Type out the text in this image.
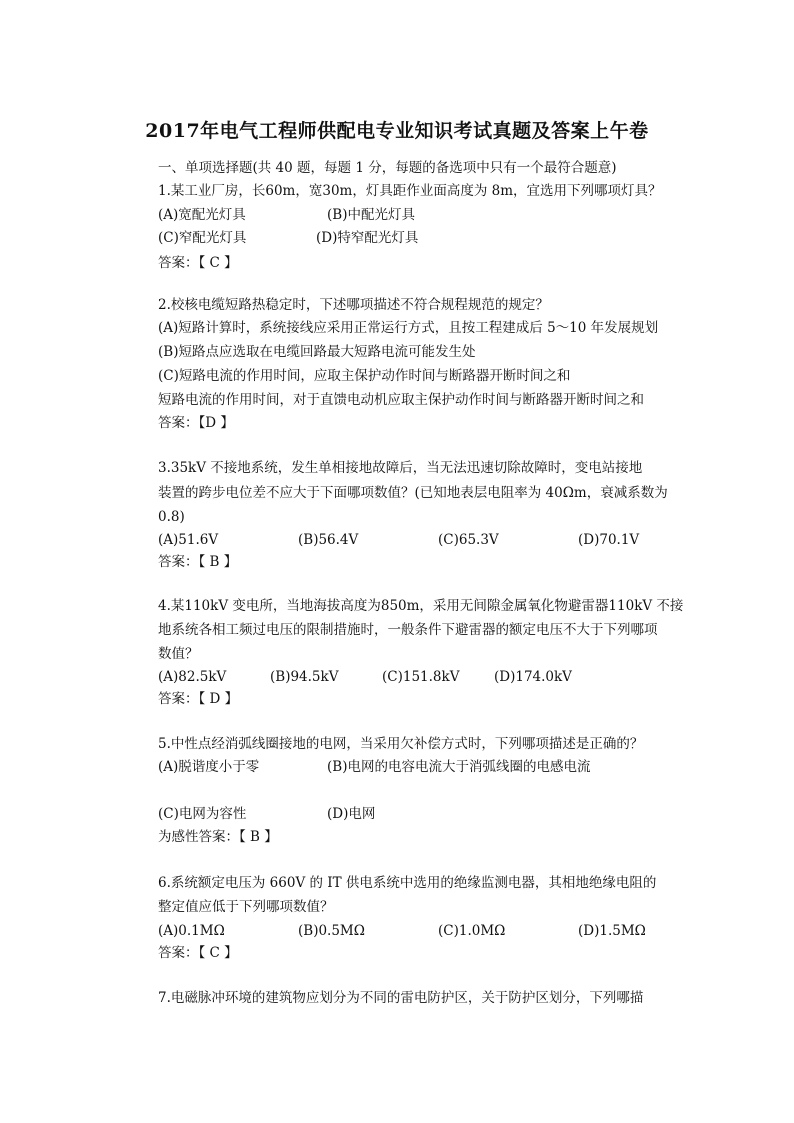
2017年电气工程师供配电专业知识考试真题及答案上午卷
一、单项选择题(共 40 题，每题 1 分，每题的备选项中只有一个最符合题意)
1.某工业厂房，长60m，宽30m，灯具距作业面高度为 8m，宜选用下列哪项灯具？
(A)宽配光灯具	(B)中配光灯具
(C)窄配光灯具	(D)特窄配光灯具
答案：【 C 】
2.校核电缆短路热稳定时，下述哪项描述不符合规程规范的规定？
(A)短路计算时，系统接线应采用正常运行方式，且按工程建成后 5～10 年发展规划
(B)短路点应选取在电缆回路最大短路电流可能发生处
(C)短路电流的作用时间，应取主保护动作时间与断路器开断时间之和
短路电流的作用时间，对于直馈电动机应取主保护动作时间与断路器开断时间之和
答案：【D 】
3.35kV 不接地系统，发生单相接地故障后，当无法迅速切除故障时，变电站接地
装置的跨步电位差不应大于下面哪项数值？(已知地表层电阻率为 40Ωm，衰减系数为
0.8)
(A)51.6V	(B)56.4V	(C)65.3V	(D)70.1V
答案：【 B 】
4.某110kV 变电所，当地海拔高度为850m，采用无间隙金属氧化物避雷器110kV 不接
地系统各相工频过电压的限制措施时，一般条件下避雷器的额定电压不大于下列哪项
数值？
(A)82.5kV	(B)94.5kV	(C)151.8kV	(D)174.0kV
答案：【 D 】
5.中性点经消弧线圈接地的电网，当采用欠补偿方式时，下列哪项描述是正确的？
(A)脱谐度小于零	(B)电网的电容电流大于消弧线圈的电感电流
(C)电网为容性	(D)电网
为感性答案：【 B 】
6.系统额定电压为 660V 的 IT 供电系统中选用的绝缘监测电器，其相地绝缘电阻的
整定值应低于下列哪项数值？
(A)0.1MΩ	(B)0.5MΩ	(C)1.0MΩ	(D)1.5MΩ
答案：【 C 】
7.电磁脉冲环境的建筑物应划分为不同的雷电防护区，关于防护区划分，下列哪描
